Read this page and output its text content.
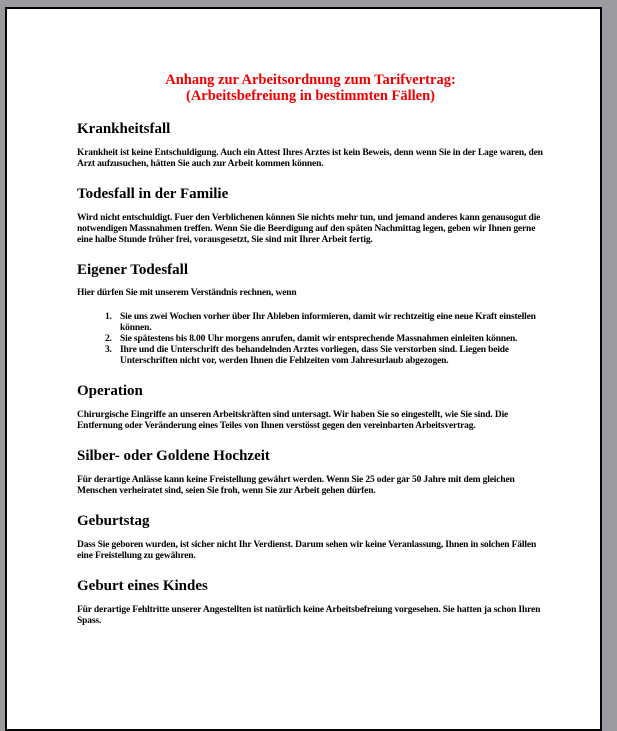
Anhang zur Arbeitsordnung zum Tarifvertrag:
(Arbeitsbefreiung in bestimmten Fällen)
Krankheitsfall

Krankheit ist keine Entschuldigung. Auch ein Attest Ihres Arztes ist kein Beweis, denn wenn Sie in der Lage waren, den Arzt aufzusuchen, hätten Sie auch zur Arbeit kommen können.

Todesfall in der Familie

Wird nicht entschuldigt. Fuer den Verblichenen können Sie nichts mehr tun, und jemand anderes kann genausogut die notwendigen Massnahmen treffen. Wenn Sie die Beerdigung auf den späten Nachmittag legen, geben wir Ihnen gerne eine halbe Stunde früher frei, vorausgesetzt, Sie sind mit Ihrer Arbeit fertig.

Eigener Todesfall

Hier dürfen Sie mit unserem Verständnis rechnen, wenn

1. Sie uns zwei Wochen vorher über Ihr Ableben informieren, damit wir rechtzeitig eine neue Kraft einstellen können.
2. Sie spätestens bis 8.00 Uhr morgens anrufen, damit wir entsprechende Massnahmen einleiten können.
3. Ihre und die Unterschrift des behandelnden Arztes vorliegen, dass Sie verstorben sind. Liegen beide Unterschriften nicht vor, werden Ihnen die Fehlzeiten vom Jahresurlaub abgezogen.
Operation

Chirurgische Eingriffe an unseren Arbeitskräften sind untersagt. Wir haben Sie so eingestellt, wie Sie sind. Die Entfernung oder Veränderung eines Teiles von Ihnen verstösst gegen den vereinbarten Arbeitsvertrag.

Silber- oder Goldene Hochzeit

Für derartige Anlässe kann keine Freistellung gewährt werden. Wenn Sie 25 oder gar 50 Jahre mit dem gleichen Menschen verheiratet sind, seien Sie froh, wenn Sie zur Arbeit gehen dürfen.

Geburtstag

Dass Sie geboren wurden, ist sicher nicht Ihr Verdienst. Darum sehen wir keine Veranlassung, Ihnen in solchen Fällen eine Freistellung zu gewähren.

Geburt eines Kindes

Für derartige Fehltritte unserer Angestellten ist natürlich keine Arbeitsbefreiung vorgesehen. Sie hatten ja schon Ihren Spass.
